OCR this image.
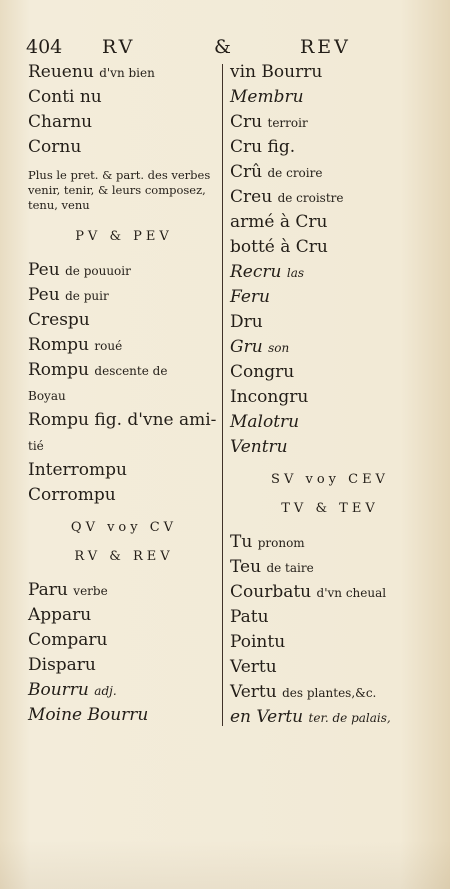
404 RV	&	REV
Reuenu d'vn bien
Conti nu
Charnu
Cornu
Plus le pret. & part. des verbes venir, tenir, & leurs composez, tenu, venu
PV & PEV
Peu de pouuoir
Peu de puir
Crespu
Rompu roué
Rompu descente de
Boyau
Rompu fig. d'vne ami-
tié
Interrompu
Corrompu
QV voy CV
RV & REV
Paru verbe
Apparu
Comparu
Disparu
Bourru adj.
Moine Bourru
vin Bourru
Membru
Cru terroir
Cru fig.
Crû de croire
Creu de croistre
armé à Cru
botté à Cru
Recru las
Feru
Dru
Gru son
Congru
Incongru
Malotru
Ventru
SV voy CEV
TV & TEV
Tu pronom
Teu de taire
Courbatu d'vn cheual
Patu
Pointu
Vertu
Vertu des plantes,&c.
en Vertu ter. de palais,
